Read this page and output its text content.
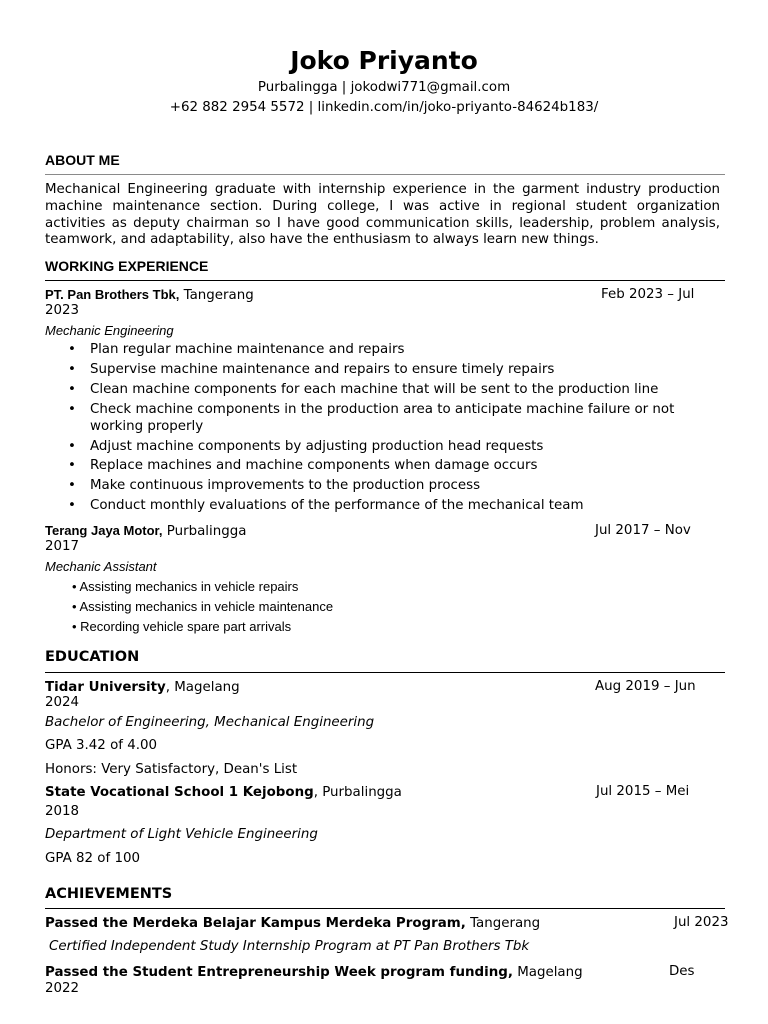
Joko Priyanto
Purbalingga | jokodwi771@gmail.com
+62 882 2954 5572 | linkedin.com/in/joko-priyanto-84624b183/
ABOUT ME
Mechanical Engineering graduate with internship experience in the garment industry production
machine maintenance section. During college, I was active in regional student organization
activities as deputy chairman so I have good communication skills, leadership, problem analysis,
teamwork, and adaptability, also have the enthusiasm to always learn new things.
WORKING EXPERIENCE
PT. Pan Brothers Tbk, Tangerang	Feb 2023 – Jul
2023
Mechanic Engineering
• Plan regular machine maintenance and repairs
• Supervise machine maintenance and repairs to ensure timely repairs
• Clean machine components for each machine that will be sent to the production line
• Check machine components in the production area to anticipate machine failure or not working properly
• Adjust machine components by adjusting production head requests
• Replace machines and machine components when damage occurs
• Make continuous improvements to the production process
• Conduct monthly evaluations of the performance of the mechanical team
Terang Jaya Motor, Purbalingga	Jul 2017 – Nov
2017
Mechanic Assistant
• Assisting mechanics in vehicle repairs
• Assisting mechanics in vehicle maintenance
• Recording vehicle spare part arrivals
EDUCATION
Tidar University, Magelang	Aug 2019 – Jun
2024
Bachelor of Engineering, Mechanical Engineering
GPA 3.42 of 4.00
Honors: Very Satisfactory, Dean's List
State Vocational School 1 Kejobong, Purbalingga	Jul 2015 – Mei
2018
Department of Light Vehicle Engineering
GPA 82 of 100
ACHIEVEMENTS
Passed the Merdeka Belajar Kampus Merdeka Program, Tangerang	Jul 2023
Certified Independent Study Internship Program at PT Pan Brothers Tbk
Passed the Student Entrepreneurship Week program funding, Magelang	Des
2022
